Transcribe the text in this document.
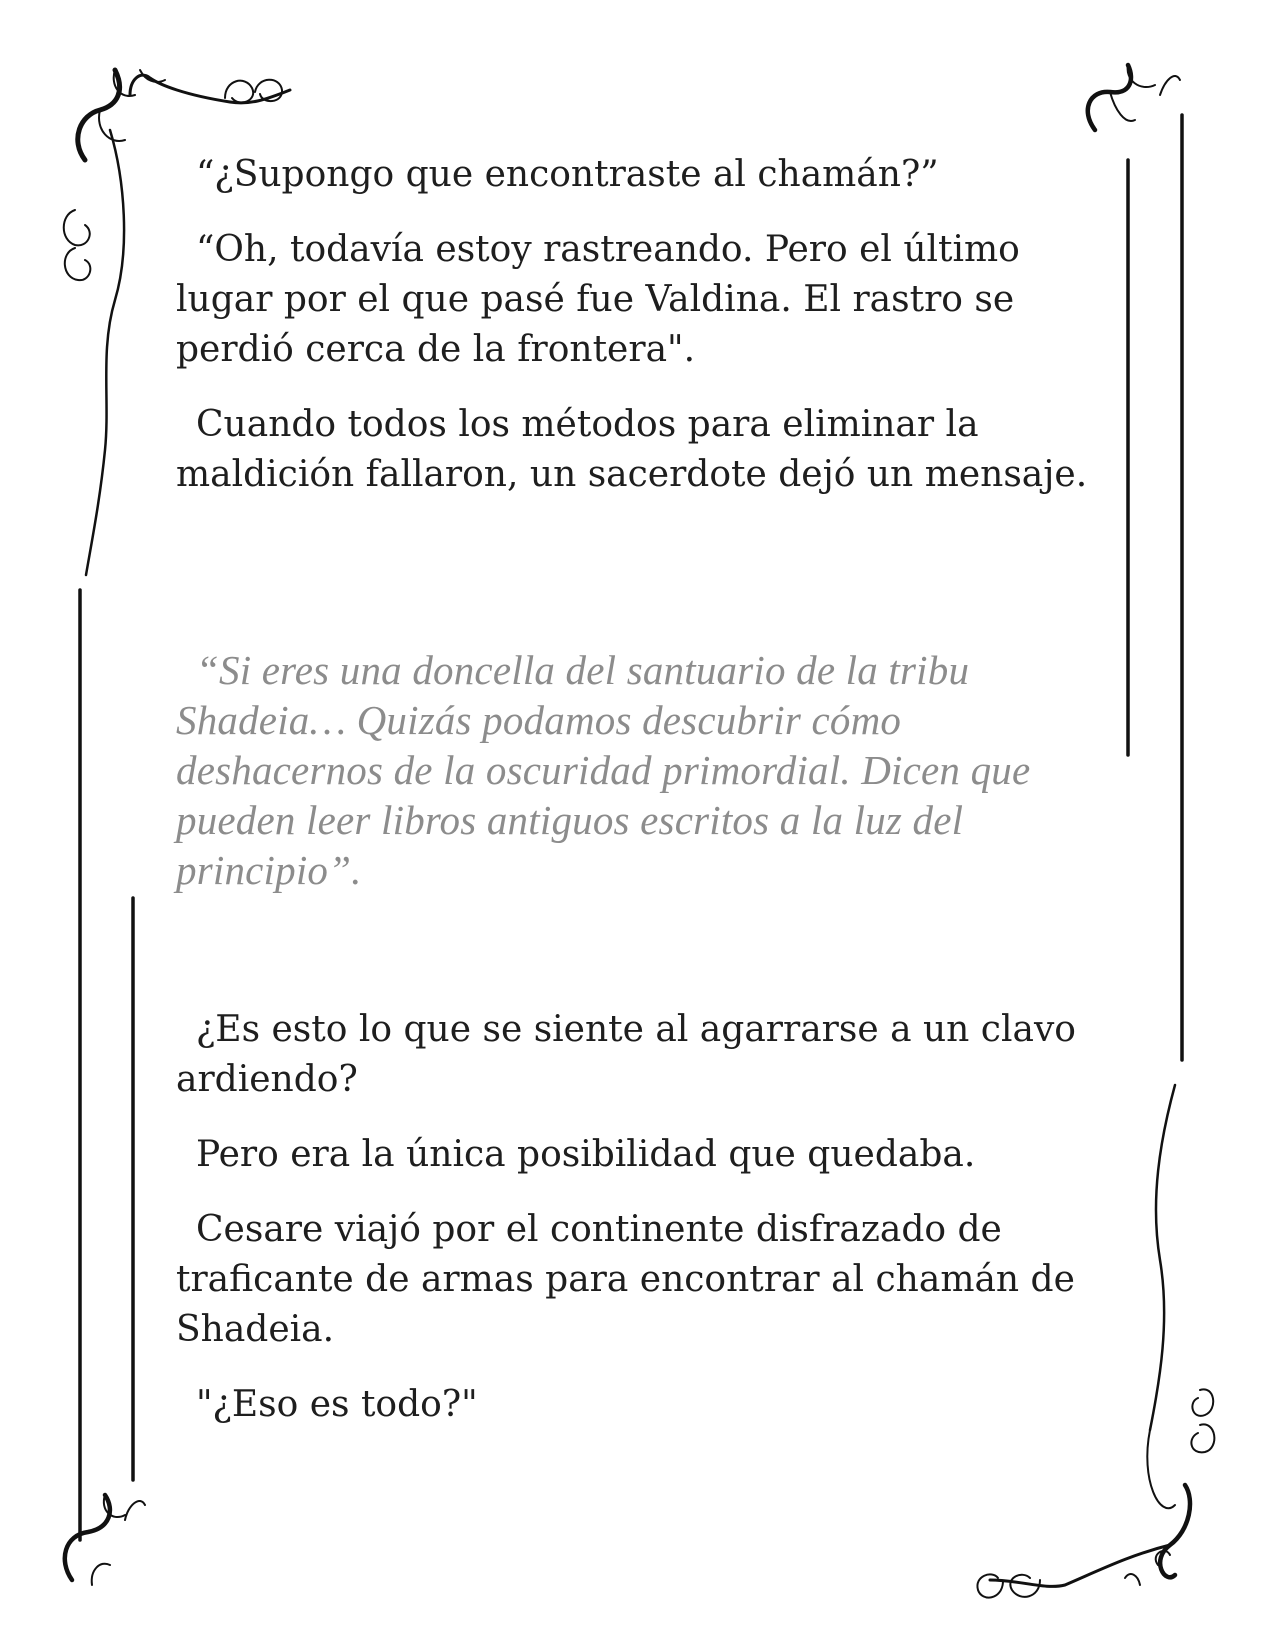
“¿Supongo que encontraste al chamán?”

“Oh, todavía estoy rastreando. Pero el último lugar por el que pasé fue Valdina. El rastro se perdió cerca de la frontera".

Cuando todos los métodos para eliminar la maldición fallaron, un sacerdote dejó un mensaje.

“Si eres una doncella del santuario de la tribu Shadeia… Quizás podamos descubrir cómo deshacernos de la oscuridad primordial. Dicen que pueden leer libros antiguos escritos a la luz del principio”.

¿Es esto lo que se siente al agarrarse a un clavo ardiendo?

Pero era la única posibilidad que quedaba.

Cesare viajó por el continente disfrazado de traficante de armas para encontrar al chamán de Shadeia.

"¿Eso es todo?"
